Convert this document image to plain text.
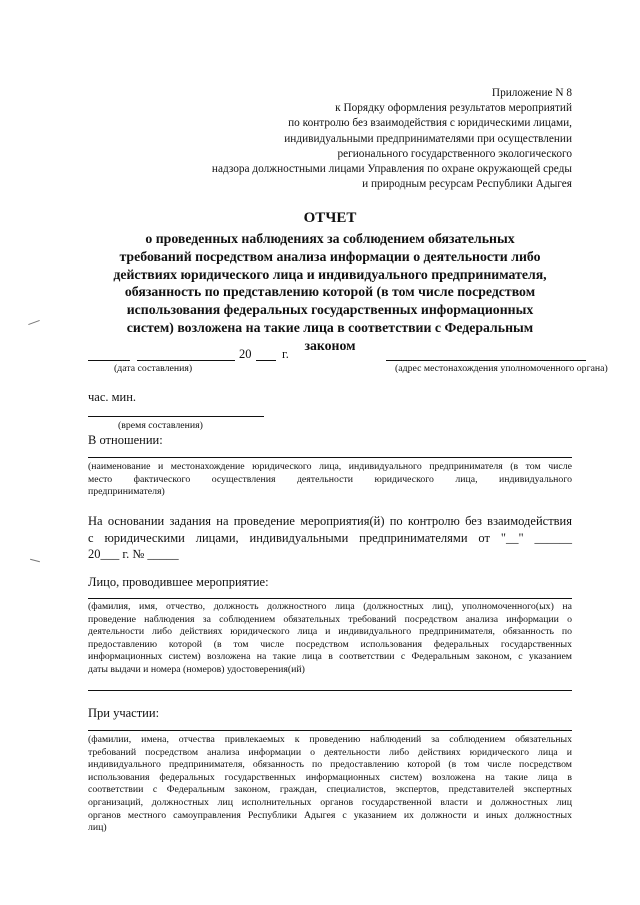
Приложение N 8
к Порядку оформления результатов мероприятий
по контролю без взаимодействия с юридическими лицами,
индивидуальными предпринимателями при осуществлении
регионального государственного экологического
надзора должностными лицами Управления по охране окружающей среды
и природным ресурсам Республики Адыгея
ОТЧЕТ
о проведенных наблюдениях за соблюдением обязательных
требований посредством анализа информации о деятельности либо
действиях юридического лица и индивидуального предпринимателя,
обязанность по представлению которой (в том числе посредством
использования федеральных государственных информационных
систем) возложена на такие лица в соответствии с Федеральным
законом
20 г.
(дата составления)	(адрес местонахождения уполномоченного органа)
час. мин.
(время составления)
В отношении:
(наименование и местонахождение юридического лица, индивидуального предпринимателя (в том числе
место фактического осуществления деятельности юридического лица, индивидуального
предпринимателя)
На основании задания на проведение мероприятия(й) по контролю без взаимодействия
с юридическими лицами, индивидуальными предпринимателями от "__" ______
20___ г. № _____
Лицо, проводившее мероприятие:
(фамилия, имя, отчество, должность должностного лица (должностных лиц), уполномоченного(ых) на
проведение наблюдения за соблюдением обязательных требований посредством анализа информации о
деятельности либо действиях юридического лица и индивидуального предпринимателя, обязанность по
предоставлению которой (в том числе посредством использования федеральных государственных
информационных систем) возложена на такие лица в соответствии с Федеральным законом, с указанием
даты выдачи и номера (номеров) удостоверения(ий)
При участии:
(фамилии, имена, отчества привлекаемых к проведению наблюдений за соблюдением обязательных
требований посредством анализа информации о деятельности либо действиях юридического лица и
индивидуального предпринимателя, обязанность по предоставлению которой (в том числе посредством
использования федеральных государственных информационных систем) возложена на такие лица в
соответствии с Федеральным законом, граждан, специалистов, экспертов, представителей экспертных
организаций, должностных лиц исполнительных органов государственной власти и должностных лиц
органов местного самоуправления Республики Адыгея с указанием их должности и иных должностных
лиц)
